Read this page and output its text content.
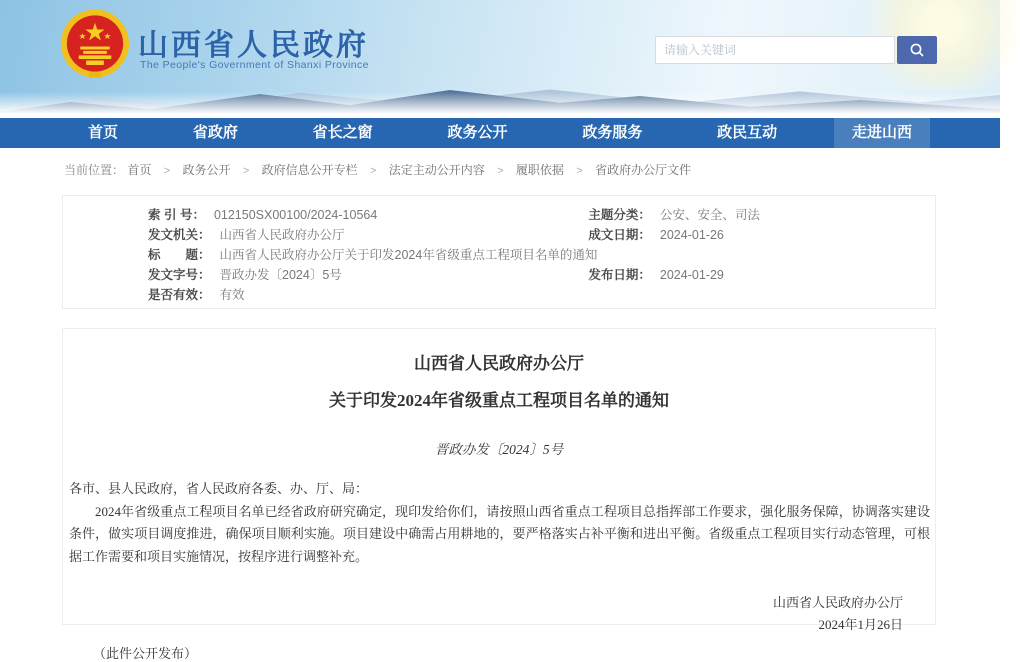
山西省人民政府
The People's Government of Shanxi Province
请输入关键词
首页	省政府	省长之窗	政务公开	政务服务	政民互动	走进山西
当前位置： 首页 > 政务公开 > 政府信息公开专栏 > 法定主动公开内容 > 履职依据 > 省政府办公厅文件
索 引 号： 012150SX00100/2024-10564
发文机关： 山西省人民政府办公厅
标　　题： 山西省人民政府办公厅关于印发2024年省级重点工程项目名单的通知
发文字号： 晋政办发〔2024〕5号
是否有效： 有效
主题分类： 公安、安全、司法
成文日期： 2024-01-26
发布日期： 2024-01-29
山西省人民政府办公厅
关于印发2024年省级重点工程项目名单的通知
晋政办发〔2024〕5号

各市、县人民政府，省人民政府各委、办、厅、局：

2024年省级重点工程项目名单已经省政府研究确定，现印发给你们，请按照山西省重点工程项目总指挥部工作要求，强化服务保障，协调落实建设条件，做实项目调度推进，确保项目顺利实施。项目建设中确需占用耕地的，要严格落实占补平衡和进出平衡。省级重点工程项目实行动态管理，可根据工作需要和项目实施情况，按程序进行调整补充。

山西省人民政府办公厅
2024年1月26日
（此件公开发布）
